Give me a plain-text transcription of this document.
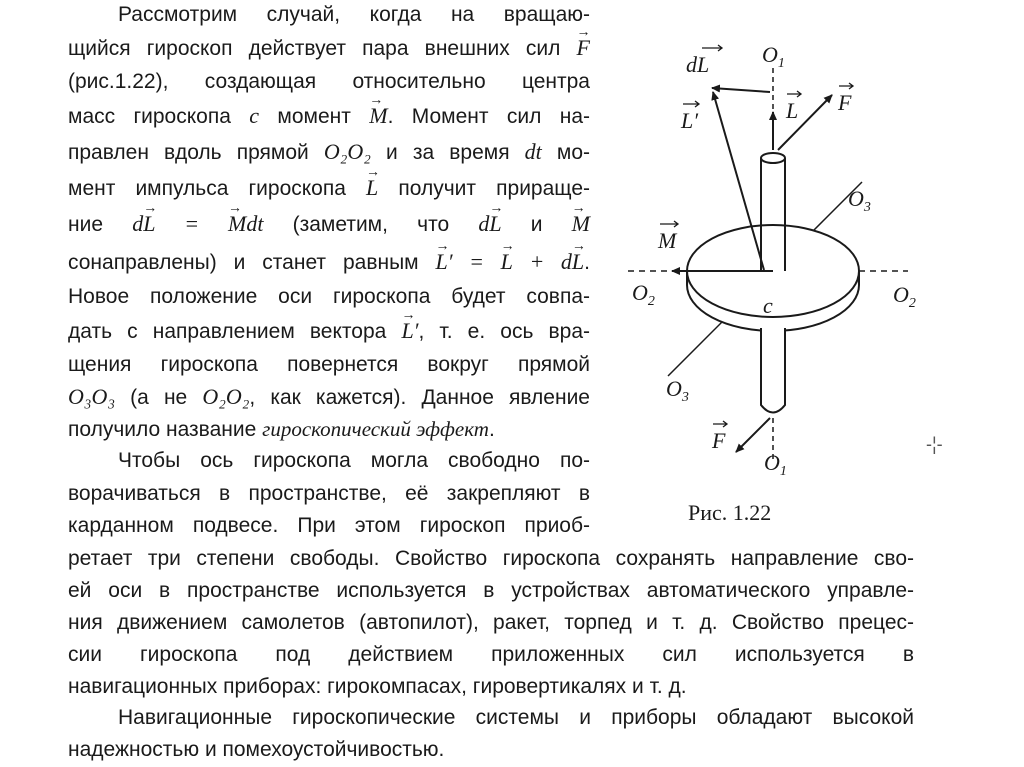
Рассмотрим случай, когда на вращаю-
щийся гироскоп действует пара внешних сил → F
(рис.1.22), создающая относительно центра
масс гироскопа c момент → M. Момент сил на-
правлен вдоль прямой O₂O₂ и за время dt мо-
мент импульса гироскопа → L получит прираще-
ние d→ L = → Mdt (заметим, что d→ L и → M
сонаправлены) и станет равным → L′ = → L + d→ L.
Новое положение оси гироскопа будет совпа-
дать с направлением вектора → L′, т. е. ось вра-
щения гироскопа повернется вокруг прямой
O₃O₃ (а не O₂O₂, как кажется). Данное явление
получило название гироскопический эффект.
Чтобы ось гироскопа могла свободно по-
ворачиваться в пространстве, её закрепляют в
карданном подвесе. При этом гироскоп приоб-
ретает три степени свободы. Свойство гироскопа сохранять направление сво-
ей оси в пространстве используется в устройствах автоматического управле-
ния движением самолетов (автопилот), ракет, торпед и т. д. Свойство прецес-
сии гироскопа под действием приложенных сил используется в
навигационных приборах: гирокомпасах, гировертикалях и т. д.
Навигационные гироскопические системы и приборы обладают высокой
надежностью и помехоустойчивостью.
dL $O_1$
L′	L F
$O_3$
M
$O_2$	$O_2$
c
$O_3$
F
$O_1$
Рис. 1.22
-¦-
